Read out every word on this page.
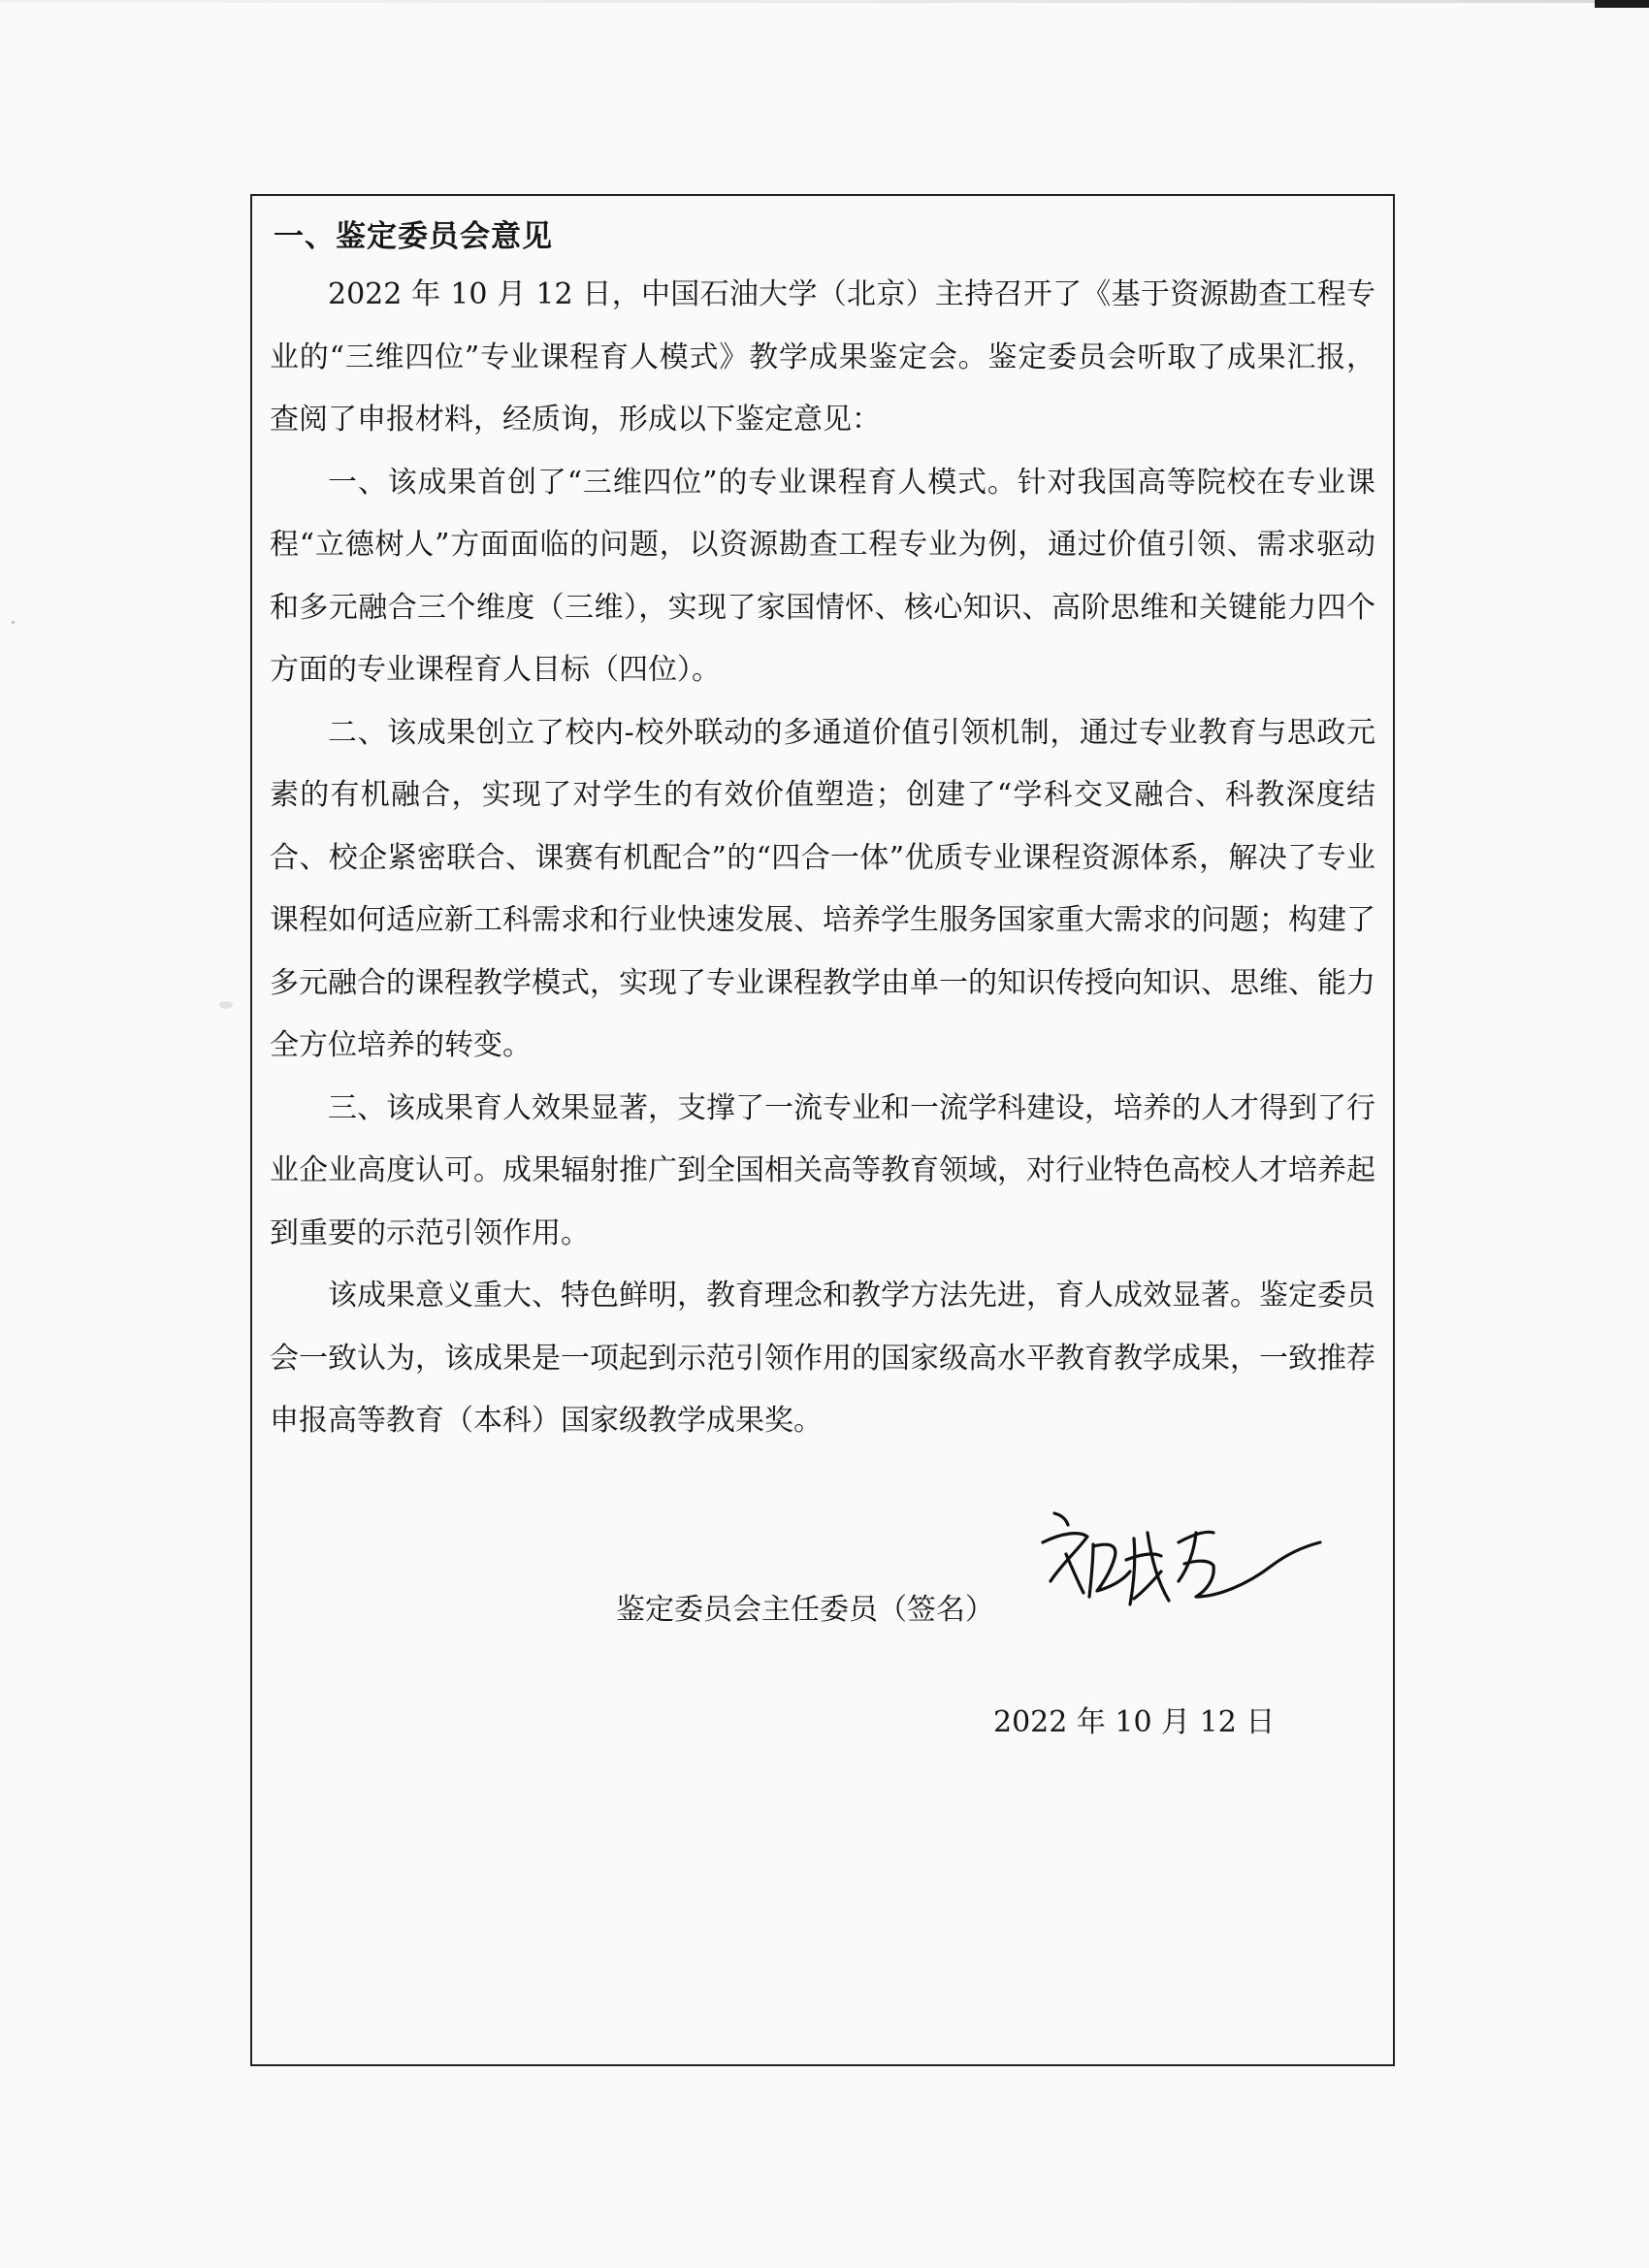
一、鉴定委员会意见

2022 年 10 月 12 日，中国石油大学（北京）主持召开了《基于资源勘查工程专业的“三维四位”专业课程育人模式》教学成果鉴定会。鉴定委员会听取了成果汇报，查阅了申报材料，经质询，形成以下鉴定意见：

一、该成果首创了“三维四位”的专业课程育人模式。针对我国高等院校在专业课程“立德树人”方面面临的问题，以资源勘查工程专业为例，通过价值引领、需求驱动和多元融合三个维度（三维），实现了家国情怀、核心知识、高阶思维和关键能力四个方面的专业课程育人目标（四位）。

二、该成果创立了校内-校外联动的多通道价值引领机制，通过专业教育与思政元素的有机融合，实现了对学生的有效价值塑造；创建了“学科交叉融合、科教深度结合、校企紧密联合、课赛有机配合”的“四合一体”优质专业课程资源体系，解决了专业课程如何适应新工科需求和行业快速发展、培养学生服务国家重大需求的问题；构建了多元融合的课程教学模式，实现了专业课程教学由单一的知识传授向知识、思维、能力全方位培养的转变。

三、该成果育人效果显著，支撑了一流专业和一流学科建设，培养的人才得到了行业企业高度认可。成果辐射推广到全国相关高等教育领域，对行业特色高校人才培养起到重要的示范引领作用。

该成果意义重大、特色鲜明，教育理念和教学方法先进，育人成效显著。鉴定委员会一致认为，该成果是一项起到示范引领作用的国家级高水平教育教学成果，一致推荐申报高等教育（本科）国家级教学成果奖。

鉴定委员会主任委员（签名）
2022 年 10 月 12 日
